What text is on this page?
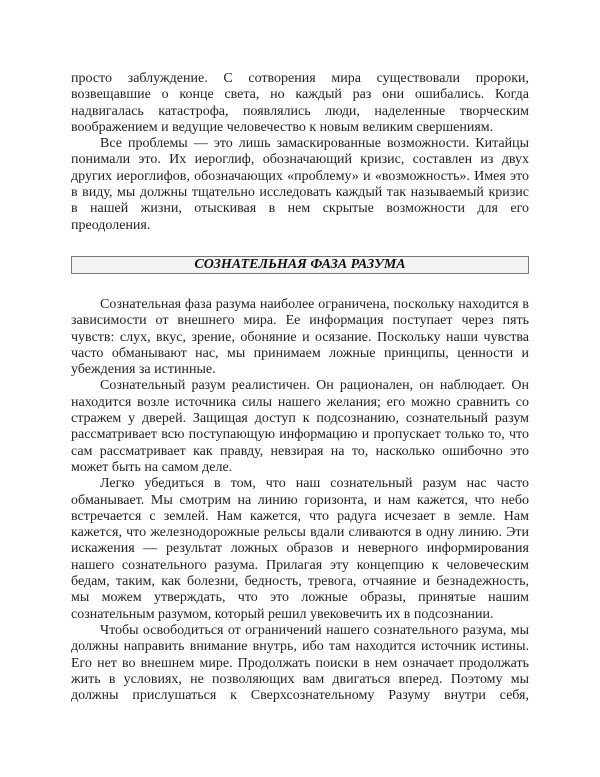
просто заблуждение. С сотворения мира существовали пророки,
возвещавшие о конце света, но каждый раз они ошибались. Когда
надвигалась катастрофа, появлялись люди, наделенные творческим
воображением и ведущие человечество к новым великим свершениям.
Все проблемы — это лишь замаскированные возможности. Китайцы
понимали это. Их иероглиф, обозначающий кризис, составлен из двух
других иероглифов, обозначающих «проблему» и «возможность». Имея это
в виду, мы должны тщательно исследовать каждый так называемый кризис
в нашей жизни, отыскивая в нем скрытые возможности для его
преодоления.
СОЗНАТЕЛЬНАЯ ФАЗА РАЗУМА
Сознательная фаза разума наиболее ограничена, поскольку находится в
зависимости от внешнего мира. Ее информация поступает через пять
чувств: слух, вкус, зрение, обоняние и осязание. Поскольку наши чувства
часто обманывают нас, мы принимаем ложные принципы, ценности и
убеждения за истинные.
Сознательный разум реалистичен. Он рационален, он наблюдает. Он
находится возле источника силы нашего желания; его можно сравнить со
стражем у дверей. Защищая доступ к подсознанию, сознательный разум
рассматривает всю поступающую информацию и пропускает только то, что
сам рассматривает как правду, невзирая на то, насколько ошибочно это
может быть на самом деле.
Легко убедиться в том, что наш сознательный разум нас часто
обманывает. Мы смотрим на линию горизонта, и нам кажется, что небо
встречается с землей. Нам кажется, что радуга исчезает в земле. Нам
кажется, что железнодорожные рельсы вдали сливаются в одну линию. Эти
искажения — результат ложных образов и неверного информирования
нашего сознательного разума. Прилагая эту концепцию к человеческим
бедам, таким, как болезни, бедность, тревога, отчаяние и безнадежность,
мы можем утверждать, что это ложные образы, принятые нашим
сознательным разумом, который решил увековечить их в подсознании.
Чтобы освободиться от ограничений нашего сознательного разума, мы
должны направить внимание внутрь, ибо там находится источник истины.
Его нет во внешнем мире. Продолжать поиски в нем означает продолжать
жить в условиях, не позволяющих вам двигаться вперед. Поэтому мы
должны прислушаться к Сверхсознательному Разуму внутри себя,
